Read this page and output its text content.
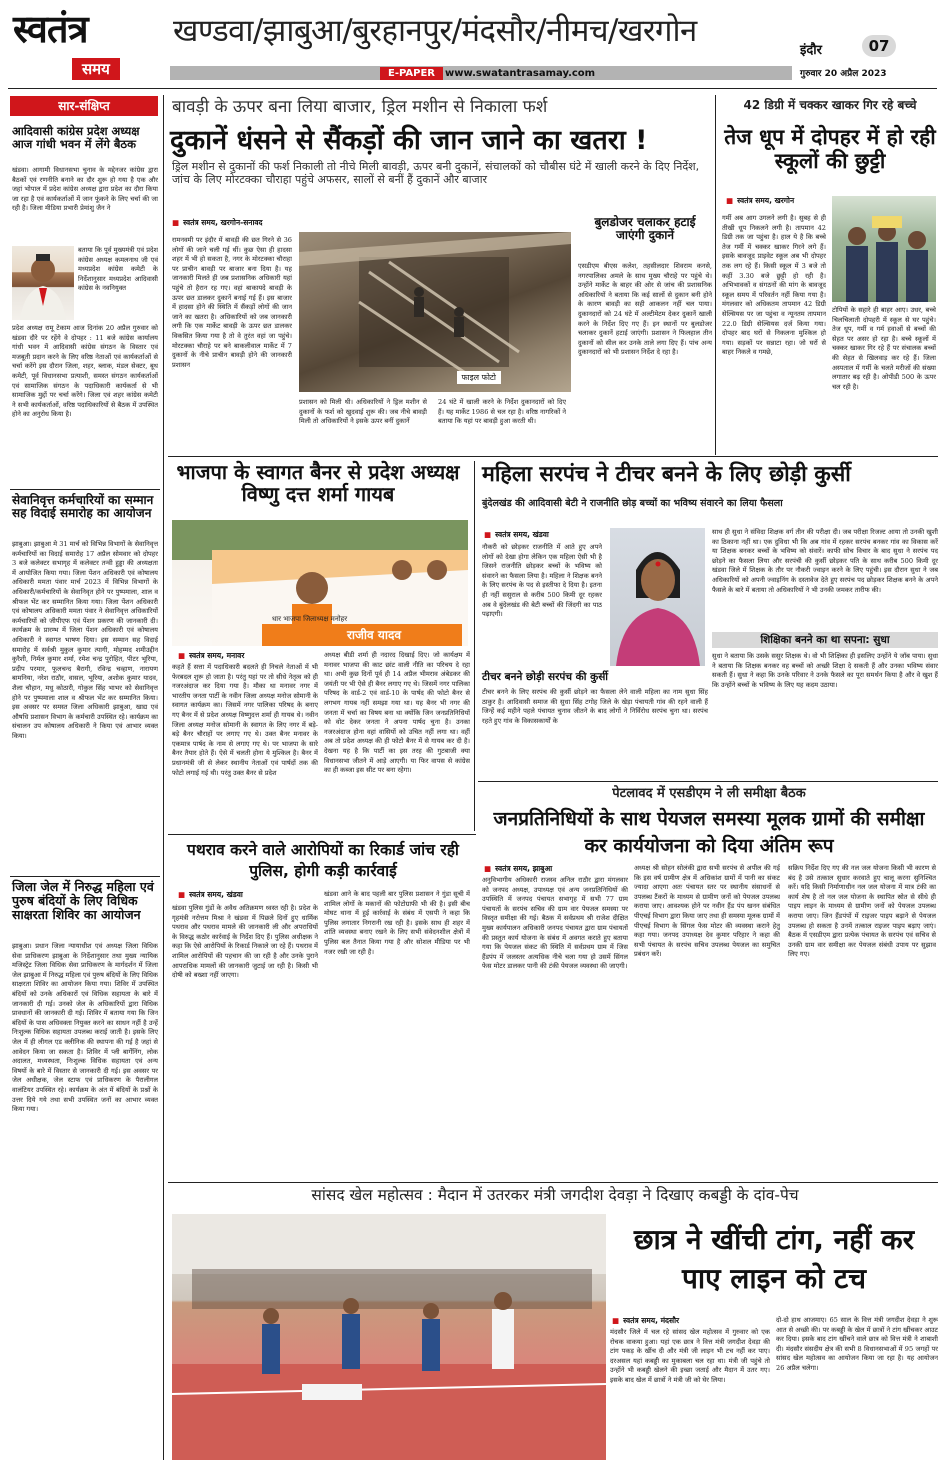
स्वतंत्र
समय
खण्डवा/झाबुआ/बुरहानपुर/मंदसौर/नीमच/खरगोन
E-PAPER	www.swatantrasamay.com
इंदौर	07
गुरुवार 20 अप्रैल 2023
सार-संक्षिप्त
आदिवासी कांग्रेस प्रदेश अध्यक्ष आज गांधी भवन में लेंगे बैठक
खंडवा। आगामी विधानसभा चुनाव के मद्देनजर कांग्रेस द्वारा बैठकों एवं रणनीति बनाने का दौर शुरू हो गया है एक और जहां भोपाल में प्रदेश कांग्रेस अध्यक्ष द्वारा प्रदेश का दौरा किया जा रहा है एवं कार्यकर्ताओं में जान फूंकने के लिए चर्चा की जा रही है। जिला मीडिया प्रभारी प्रेमांशु जैन ने
बताया कि पूर्व मुख्यमंत्री एवं प्रदेश कांग्रेस अध्यक्ष कमलनाथ जी एवं मध्यप्रदेश कांग्रेस कमेटी के निर्देशानुसार मध्यप्रदेश आदिवासी कांग्रेस के नवनियुक्त
प्रदेश अध्यक्ष रामू टेकाम आज दिनांक 20 अप्रैल गुरुवार को खंडवा दौरे पर रहेंगे वे दोपहर : 11 बजे कांग्रेस कार्यालय गांधी भवन में आदिवासी कांग्रेस संगठन के विस्तार एवं मजबूती प्रदान करने के लिए वरिष्ठ नेताओं एवं कार्यकर्ताओं से चर्चा करेंगे इस दौरान जिला, शहर, ब्लाक, मंडल सेक्टर, बूथ कमेटी, पूर्व विधानसभा प्रत्याशी, समस्त संगठन कार्यकर्ताओं एवं सामाजिक संगठन के पदाधिकारी कार्यकर्ता से भी सामाजिक मुद्दों पर चर्चा करेंगे। जिला एवं शहर कांग्रेस कमेटी ने सभी कार्यकर्ताओं, वरिष्ठ पदाधिकारियों से बैठक में उपस्थित होने का अनुरोध किया है।
सेवानिवृत्त कर्मचारियों का सम्मान सह विदाई समारोह का आयोजन
झाबुआ। झाबुआ मे 31 मार्च को विभिन्न विभागों के सेवानिवृत्त कर्मचारियों का विदाई समारोह 17 अप्रैल सोमवार को दोपहर 3 बजे कलेक्टर सभागृह में कलेक्टर तन्वी हुड्डा की अध्यक्षता में आयोजित किया गया। जिला पेंशन अधिकारी एवं कोषालय अधिकारी ममता पंवार मार्च 2023 में विभिन्न विभागों के अधिकारी/कर्मचारियों के सेवानिवृत होने पर पुष्पमाला, शाल व श्रीफल भेंट कर सम्मानित किया गया। जिला पेंशन अधिकारी एवं कोषालय अधिकारी ममता पंवार ने सेवानिवृत्त अधिकारियों कर्मचारियों को जीपीएफ एवं पेंशन प्रकरण की जानकारी दी। कार्यक्रम के प्रारम्भ में जिला पेंशन अधिकारी एवं कोषालय अधिकारी ने स्वागत भाषण दिया। इस सम्मान सह विदाई समारोह में सर्वश्री मुकुल कुमार त्यागी, मोहम्मद शमीउद्दीन कुरैशी, निर्मल कुमार शर्मा, रमेश चन्द्र पुरोहित, पीटर भूरिया, प्रदीप परमार, फूलचन्द बैरागी, रविन्द्र चव्हाण, नारायण बामनिया, नरेश राठौर, वासल, भूरिया, अशोक कुमार यादव, शैला चौहान, मधु कोठारी, गोकुल सिंह भाभर को सेवानिवृत्त होने पर पुष्पमाला शाल व श्रीफल भेंट कर सम्मानित किया। इस अवसर पर समस्त जिला अधिकारी झाबुआ, खाद्य एवं औषधि प्रशासन विभाग के कर्मचारी उपस्थित रहे। कार्यक्रम का संचालन उप कोषालय अधिकारी ने किया एवं आभार व्यक्त किया।
जिला जेल में निरुद्ध महिला एवं पुरुष बंदियों के लिए विधिक साक्षरता शिविर का आयोजन
झाबुआ। प्रधान जिला न्यायाधीश एवं अध्यक्ष जिला विधिक सेवा प्राधिकरण झाबुआ के निर्देशानुसार तथा मुख्य न्यायिक मजिस्ट्रेट जिला विधिक सेवा प्राधिकरण के मार्गदर्शन में जिला जेल झाबुआ में निरुद्ध महिला एवं पुरुष बंदियों के लिए विधिक साक्षरता शिविर का आयोजन किया गया। शिविर में उपस्थित बंदियों को उनके अधिकारों एवं विधिक सहायता के बारे में जानकारी दी गई। उनको जेल के अधिकारियों द्वारा विधिक प्रावधानों की जानकारी दी गई। शिविर में बताया गया कि जिन बंदियों के पास अधिवक्ता नियुक्त करने का साधन नहीं है उन्हें निःशुल्क विधिक सहायता उपलब्ध कराई जाती है। इसके लिए जेल में ही लीगल एड क्लीनिक की स्थापना की गई है जहां से आवेदन किया जा सकता है। शिविर में प्ली बार्गेनिंग, लोक अदालत, मध्यस्थता, निःशुल्क विधिक सहायता एवं अन्य विषयों के बारे में विस्तार से जानकारी दी गई। इस अवसर पर जेल अधीक्षक, जेल स्टाफ एवं प्राधिकरण के पैरालीगल वालंटियर उपस्थित रहे। कार्यक्रम के अंत में बंदियों के प्रश्नों के उत्तर दिये गये तथा सभी उपस्थित जनों का आभार व्यक्त किया गया।
बावड़ी के ऊपर बना लिया बाजार, ड्रिल मशीन से निकाला फर्श
दुकानें धंसने से सैंकड़ों की जान जाने का खतरा !
ड्रिल मशीन से दुकानों की फर्श निकाली तो नीचे मिली बावड़ी, ऊपर बनी दुकानें, संचालकों को चौबीस घंटे में खाली करने के दिए निर्देश, जांच के लिए मोरटक्का चौराहा पहुंचे अफसर, सालों से बनीं हैं दुकानें और बाजार
■ स्वतंत्र समय, खरगोन-सनावद
रामनवमी पर इंदौर में बावड़ी की छत गिरने से 36 लोगों की जाने चली गई थीं। कुछ ऐसा ही हादसा शहर में भी हो सकता है, नगर के मोरटक्का चौराहा पर प्राचीन बावड़ी पर बाजार बना दिया है। यह जानकारी मिलते ही जब प्रशासनिक अधिकारी यहां पहुंचे तो हैरान रह गए। वहां बाकायदे बावड़ी के ऊपर छत डालकर दुकानें बनाई गई हैं। इस बाजार में हादसा होने की स्थिति में सैंकड़ों लोगों की जान जाने का खतरा है। अधिकारियों को जब जानकारी लगी कि एक मार्केट बावड़ी के ऊपर छत डालकर विकसित किया गया है तो वे तुरंत वहां जा पहुंचे। मोरटक्का चौराहे पर बने बाकलीवाल मार्केट में 7 दुकानों के नीचे प्राचीन बावड़ी होने की जानकारी प्रशासन
फाइल फोटो
प्रशासन को मिली थी। अधिकारियों ने ड्रिल मशीन से दुकानों के फर्श को खुदवाई शुरू की। जब नीचे बावड़ी मिली तो अधिकारियों ने इसके ऊपर बनीं दुकानें
24 घंटे में खाली करने के निर्देश दुकानदारों को दिए हैं। यह मार्केट 1986 से चल रहा है। वरिष्ठ नागरिकों ने बताया कि यहां पर बावड़ी हुआ करती थी।
बुलडोजर चलाकर हटाई जाएंगी दुकानें
एसडीएम बीएस कलेश, तहसीलदार शिवराम कनसे, नगरपालिका अमले के साथ मुख्य चौराहे पर पहुंचे थे। उन्होंने मार्केट के बाहर की ओर से जांच की प्रशासनिक अधिकारियों ने बताया कि कई सालों से दुकान बनी होने के कारण बावड़ी का सही आकलन नहीं चल पाया। दुकानदारों को 24 घंटे में अल्टीमेटम देकर दुकानें खाली करने के निर्देश दिए गए हैं। इन स्थानों पर बुलडोजर चलाकर दुकानें हटाई जाएंगी। प्रशासन ने फिलहाल तीन दुकानों को सील कर उनके ताले लगा दिए हैं। पांच अन्य दुकानदारों को भी प्रशासन निर्देश दे रहा है।
42 डिग्री में चक्कर खाकर गिर रहे बच्चे
तेज धूप में दोपहर में हो रही स्कूलों की छुट्टी
■ स्वतंत्र समय, खरगोन
गर्मी अब आग उगलने लगी है। सुबह से ही तीखी धूप निकलने लगी है। तापमान 42 डिग्री तक जा पहुंचा है। हाल ये है कि बच्चे तेज गर्मी में चक्कर खाकर गिरने लगे हैं। इसके बावजूद प्राइवेट स्कूल अब भी दोपहर तक लग रहे हैं। किसी स्कूल में 3 बजे तो कहीं 3.30 बजे छुट्टी हो रही है। अभिभावकों व संगठनों की मांग के बावजूद स्कूल समय में परिवर्तन नहीं किया गया है। मंगलवार को अधिकतम तापमान 42 डिग्री सेल्सियस पर जा पहुंचा व न्यूनतम तापमान 22.0 डिग्री सेल्सियस दर्ज किया गया। दोपहर बाद घरों से निकलना मुश्किल हो गया। सड़कों पर सन्नाटा रहा। जो घरों से बाहर निकले व गमछे,
टोपियों के सहारे ही बाहर आए। उधर, बच्चे चिलचिलाती दोपहरी में स्कूल से घर पहुंचे। तेज धूप, गर्मी व गर्म हवाओं से बच्चों की सेहत पर असर हो रहा है। बच्चे स्कूलों में चक्कर खाकर गिर रहे हैं पर संचालक बच्चों की सेहत से खिलवाड़ कर रहे हैं। जिला अस्पताल में गर्मी के चलते मरीजों की संख्या लगातार बढ़ रही है। ओपीडी 500 के ऊपर चल रही है।
भाजपा के स्वागत बैनर से प्रदेश अध्यक्ष विष्णु दत्त शर्मा गायब
धार भाजपा जिलाध्यक्ष मनोहर
राजीव यादव
■ स्वतंत्र समय, मनावर
कहते हैं सत्ता में पदाधिकारी बदलते ही निचले नेताओं में भी फेरबदल शुरू हो जाता है। परंतु यहां पर तो सीधे नेतृत्व को ही नजरअंदाज कर दिया गया है। मौका था मनावर नगर में भारतीय जनता पार्टी के नवीन जिला अध्यक्ष मनोज सोमानी के स्वागत कार्यक्रम का। जिसमें नगर पालिका परिषद के बनाए गए बैनर में से प्रदेश अध्यक्ष विष्णुदत्त शर्मा ही गायब थे। नवीन जिला अध्यक्ष मनोज सोमानी के स्वागत के लिए नगर में बड़े-बड़े बैनर चौराहों पर लगाए गए थे। उक्त बैनर मनावर के एकमात्र पार्षद के नाम से लगाए गए थे। पर भाजपा के सारे बैनर तैयार होते हैं। ऐसे में चलती होना ये मुश्किल है। बैनर में प्रधानमंत्री जी से लेकर स्थानीय नेताओं एवं पार्षदों तक की फोटो लगाई गई थी। परंतु उक्त बैनर से प्रदेश
अध्यक्ष बीडी शर्मा ही नदारद दिखाई दिए। जो कार्यक्षम में मनावर भाजपा की काट छांट वाली नीति का परिचय दे रहा था। अभी कुछ दिनों पूर्व ही 14 अप्रैल भीमराव अंबेडकर की जयंती पर भी ऐसे ही बैनर लगाए गए थे। जिसमें नगर पालिका परिषद के वार्ड-2 एवं वार्ड-10 के पार्षद की फोटो बैनर से लगभग गायब नहीं समझा गया था। यह बैनर भी नगर की जनता में चर्चा का विषय बना था क्योंकि जिन जनप्रतिनिधियों को वोट देकर जनता ने अपना पार्षद चुना है। उनका नजरअंदाज होना वहां वासियों को उचित नहीं लगा था। वहीं अब तो प्रदेश अध्यक्ष की ही फोटो बैनर में से गायब कर दी है। देखना यह है कि पार्टी का इस तरह की गुटबाजी क्या विधानसभा जीतने में आड़े आएगी। या फिर वापस से कांग्रेस का ही कब्जा इस सीट पर बना रहेगा।
महिला सरपंच ने टीचर बनने के लिए छोड़ी कुर्सी
बुंदेलखंड की आदिवासी बेटी ने राजनीति छोड़ बच्चों का भविष्य संवारने का लिया फैसला
■ स्वतंत्र समय, खंडवा
नौकरी को छोड़कर राजनीति में आते हुए अपने लोगों को देखा होगा लेकिन एक महिला ऐसी भी है जिसने राजनीति छोड़कर बच्चों के भविष्य को संवारने का फैसला लिया है। महिला ने शिक्षक बनने के लिए सरपंच के पद से इस्तीफा दे दिया है। इतना ही नहीं ससुराल से करीब 500 किमी दूर रहकर अब वे बुंदेलखंड की बेटी बच्चों की जिंदगी का पाठ पढ़ाएगी।
टीचर बनने छोड़ी सरपंच की कुर्सी
टीचर बनने के लिए सरपंच की कुर्सी छोड़ने का फैसला लेने वाली महिला का नाम सुधा सिंह ठाकुर है। आदिवासी समाज की सुधा सिंह टगोह जिले के खेड़ा पंचायती गांव की रहने वाली हैं जिन्हें कई महीने पहले पंचायत चुनाव जीतने के बाद लोगों ने निर्विरोध सरपंच चुना था। सरपंच रहते हुए गांव के विकासकार्यों के
साथ ही सुधा ने संविदा शिक्षक वर्ग तीन की परीक्षा दी। जब परीक्षा रिजल्ट आया तो उनकी खुशी का ठिकाना नहीं था। एक दुविधा भी कि अब गांव में रहकर सरपंच बनकर गांव का विकास करें या शिक्षक बनकर बच्चों के भविष्य को संवारें। काफी सोच विचार के बाद सुधा ने सरपंच पद छोड़ने का फैसला लिया और सरपंची की कुर्सी छोड़कर पति के साथ करीब 500 किमी दूर खंडवा जिले में शिक्षक के तौर पर नौकरी ज्वाइन करने के लिए पहुंची। इस दौरान सुधा ने जब अधिकारियों को अपनी ज्वाइनिंग के दस्तावेज देते हुए सरपंच पद छोड़कर शिक्षक बनने के अपने फैसले के बारे में बताया तो अधिकारियों ने भी उनकी जमकर तारीफ की।
शिक्षिका बनने का था सपना: सुधा
सुधा ने बताया कि उसके ससुर शिक्षक थे। वो भी शिक्षिका ही इसलिए उन्होंने ये जॉब पाया। सुधा ने बताया कि शिक्षक बनकर वह बच्चों को अच्छी शिक्षा दे सकती हैं और उनका भविष्य संवार सकती हैं। सुधा ने कहा कि उनके परिवार ने उनके फैसले का पूरा समर्थन किया है और वे खुश हैं कि उन्होंने बच्चों के भविष्य के लिए यह कदम उठाया।
पेटलावद में एसडीएम ने ली समीक्षा बैठक
जनप्रतिनिधियों के साथ पेयजल समस्या मूलक ग्रामों की समीक्षा कर कार्ययोजना को दिया अंतिम रूप
■ स्वतंत्र समय, झाबुआ
अनुविभागीय अधिकारी राजस्व अनिल राठौर द्वारा मंगलवार को जनपद अध्यक्ष, उपाध्यक्ष एवं अन्य जनप्रतिनिधियों की उपस्थिति में जनपद पंचायत सभागृह में सभी 77 ग्राम पंचायतों के सरपंच सचिव की ग्राम वार पेयजल समस्या पर विस्तृत समीक्षा की गई। बैठक में सर्वप्रथम श्री राजेश दीक्षित मुख्य कार्यपालन अधिकारी जनपद पंचायत द्वारा ग्राम पंचायतों की प्रस्तुत कार्य योजना के संबंध में अवगत कराते हुए बताया गया कि पेयजल संकट की स्थिति में सर्वप्रथम ग्राम में जिस हैंडपंप में जलस्तर अत्यधिक नीचे चला गया हो उसमें सिंगल फेस मोटर डालकर पानी की टंकी पेयजल व्यवस्था की जाएगी।
अध्यक्ष श्री सोहन सोलंकी द्वारा सभी सरपंच से अपील की गई कि इस वर्ष ग्रामीण क्षेत्र में अधिकांश ग्रामों में पानी का संकट ज्यादा आएगा अतः पंचायत स्तर पर स्थानीय संसाधनों से उपलब्ध टैंकरों के माध्यम से ग्रामीण जनों को पेयजल उपलब्ध कराया जाए। आवश्यक होने पर नवीन हैंड पंप खनन संबंधित पीएचई विभाग द्वारा किया जाए तथा ही समस्या मूलक ग्रामों में पीएचई विभाग के सिंगल फेस मोटर की व्यवस्था कराने हेतु कहा गया। जनपद उपाध्यक्ष देव कुमार परिहार ने कहा की सभी पंचायत के सरपंच सचिव उपलब्ध पेयजल का समुचित प्रबंधन करें।
सक्रिय निर्देश दिए गए की नल जल योजना किसी भी कारण से बंद है उसे तत्काल सुधार करवाते हुए चालू करना सुनिश्चित करें। यदि किसी निर्माणाधीन नल जल योजना में मात्र टंकी का कार्य शेष है तो नल जल योजना के स्थापित स्रोत से सीधे ही पाइप लाइन के माध्यम से ग्रामीण जनों को पेयजल उपलब्ध कराया जाए। जिन हैंडपंपों में राइजर पाइप बढ़ाने से पेयजल उपलब्ध हो सकता है उनमें तत्काल राइजर पाइप बढ़ाए जाएं। बैठक में एसडीएम द्वारा प्रत्येक पंचायत के सरपंच एवं सचिव से उनकी ग्राम वार समीक्षा कर पेयजल संबंधी उपाय पर सुझाव लिए गए।
पथराव करने वाले आरोपियों का रिकार्ड जांच रही पुलिस, होगी कड़ी कार्रवाई
■ स्वतंत्र समय, खंडवा
खंडवा पुलिस गुंडों के अवैध अतिक्रमण ध्वस्त रही है। प्रदेश के गृहमंत्री नरोत्तम मिश्रा ने खंडवा में पिछले दिनों हुए धार्मिक पथराव और पथराव मामले की जानकारी ली और अपराधियों के विरुद्ध कठोर कार्रवाई के निर्देश दिए हैं। पुलिस अधीक्षक ने कहा कि ऐसे आरोपियों के रिकार्ड निकाले जा रहे हैं। पथराव में शामिल आरोपियों की पहचान की जा रही है और उनके पुराने आपराधिक मामलों की जानकारी जुटाई जा रही है। किसी भी दोषी को बख्शा नहीं जाएगा।
खंडवा आने के बाद पहली बार पुलिस प्रशासन ने गुंडा सूची में शामिल लोगों के मकानों की फोटोग्राफी भी की है। इसी बीच मोघट थाना में हुई कार्रवाई के संबंध में एसपी ने कहा कि पुलिस लगातार निगरानी रख रही है। इसके साथ ही शहर में शांति व्यवस्था बनाए रखने के लिए सभी संवेदनशील क्षेत्रों में पुलिस बल तैनात किया गया है और सोशल मीडिया पर भी नजर रखी जा रही है।
सांसद खेल महोत्सव : मैदान में उतरकर मंत्री जगदीश देवड़ा ने दिखाए कबड्डी के दांव-पेच
छात्र ने खींची टांग, नहीं कर पाए लाइन को टच
■ स्वतंत्र समय, मंदसौर
मंदसौर जिले में चल रहे सांसद खेल महोत्सव में गुरुवार को एक रोचक वाकया हुआ। यहां एक छात्र ने वित्त मंत्री जगदीश देवड़ा की टांग पकड़ के खींच दी और मंत्री जी लाइन भी टच नहीं कर पाए। दरअसल यहां कबड्डी का मुकाबला चल रहा था। मंत्री जी पहुंचे तो उन्होंने भी कबड्डी खेलने की इच्छा जताई और मैदान में उतर गए। इसके बाद खेल में छात्रों ने मंत्री जी को घेर लिया।
दो-दो हाथ आजमाए। 65 साल के वित्त मंत्री जगदीश देवड़ा ने शुरू आत से अच्छी की। पर कबड्डी के खेल में छात्रों ने टांग खींचकर आउट कर दिया। इसके बाद टांग खींचने वाले छात्र को वित्त मंत्री ने शाबाशी दी। मंदसौर संसदीय क्षेत्र की सभी 8 विधानसभाओं में 95 जगहों पर सांसद खेल महोत्सव का आयोजन किया जा रहा है। यह आयोजन 26 अप्रैल चलेगा।
